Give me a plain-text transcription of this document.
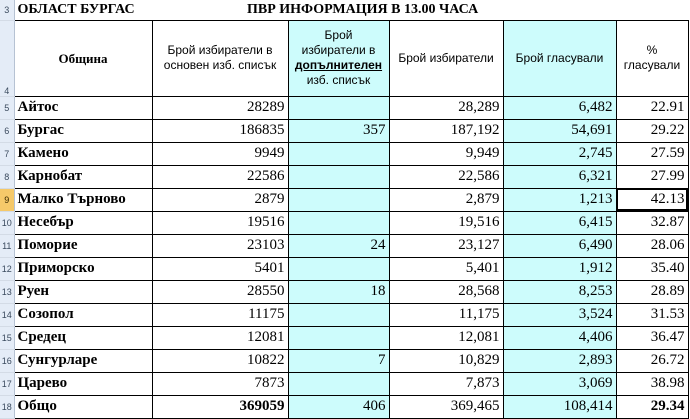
3	ОБЛАСТ БУРГАС	ПВР ИНФОРМАЦИЯ В 13.00 ЧАСА				
4	Община	Брой избиратели в основен изб. списък	Брой избиратели в допълнителен изб. списък	Брой избиратели	Брой гласували	% гласували
5	Айтос	28289		28,289	6,482	22.91
6	Бургас	186835	357	187,192	54,691	29.22
7	Камено	9949		9,949	2,745	27.59
8	Карнобат	22586		22,586	6,321	27.99
9	Малко Търново	2879		2,879	1,213	42.13
10	Несебър	19516		19,516	6,415	32.87
11	Поморие	23103	24	23,127	6,490	28.06
12	Приморско	5401		5,401	1,912	35.40
13	Руен	28550	18	28,568	8,253	28.89
14	Созопол	11175		11,175	3,524	31.53
15	Средец	12081		12,081	4,406	36.47
16	Сунгурларе	10822	7	10,829	2,893	26.72
17	Царево	7873		7,873	3,069	38.98
18	Общо	369059	406	369,465	108,414	29.34
